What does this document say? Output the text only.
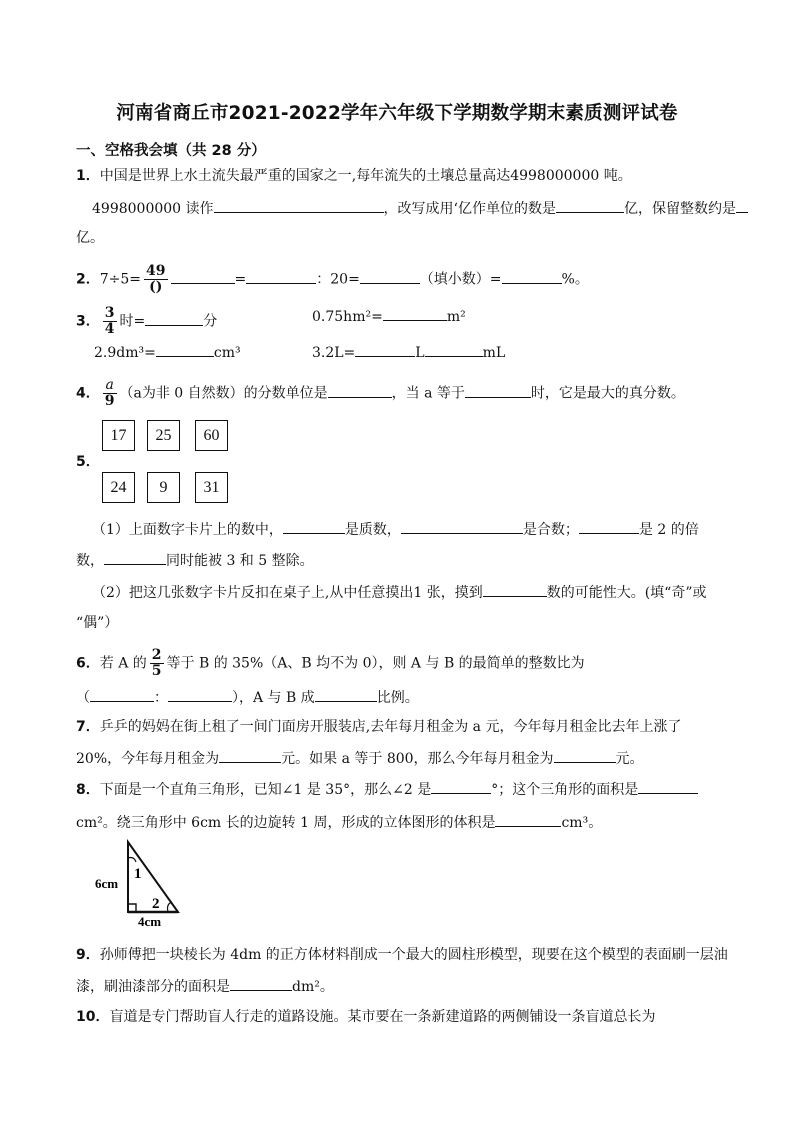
河南省商丘市2021-2022学年六年级下学期数学期末素质测评试卷
一、空格我会填（共 28 分）
1．中国是世界上水土流失最严重的国家之一,每年流失的土壤总量高达4998000000 吨。
4998000000 读作	，改写成用‘亿作单位的数是	亿，保留整数约是
亿。
2．$7\div 5= \frac{49}{()}$	=	：20=	（填小数）=	%。
3． $\frac{3}{4}$ 时=	分	0.75hm²=	m²
2.9dm³=	cm³	3.2L=	L	mL
4． $\frac{a}{9} (a$为非 0 自然数）的分数单位是	，当 a 等于	时，它是最大的真分数。
17	25	60
5．
24	9	31
（1）上面数字卡片上的数中，	是质数，	是合数；	是 2 的倍
数，	同时能被 3 和 5 整除。
（2）把这几张数字卡片反扣在桌子上,从中任意摸出1 张，摸到	数的可能性大。(填“奇”或
“偶”）
6．若 A 的 $\frac{2}{5}$ 等于 B 的 35%（A、B 均不为 0），则 A 与 B 的最简单的整数比为
（	：	），A 与 B 成	比例。
7．乒乒的妈妈在街上租了一间门面房开服装店,去年每月租金为 a 元，今年每月租金比去年上涨了
20%，今年每月租金为	元。如果 a 等于 800，那么今年每月租金为	元。
8．下面是一个直角三角形，已知∠1 是 35°，那么∠2 是	°；这个三角形的面积是
cm²。绕三角形中 6cm 长的边旋转 1 周，形成的立体图形的体积是	cm³。
1
2
6cm
4cm
9．孙师傅把一块棱长为 4dm 的正方体材料削成一个最大的圆柱形模型，现要在这个模型的表面刷一层油
漆，刷油漆部分的面积是	dm²。
10．盲道是专门帮助盲人行走的道路设施。某市要在一条新建道路的两侧铺设一条盲道总长为
